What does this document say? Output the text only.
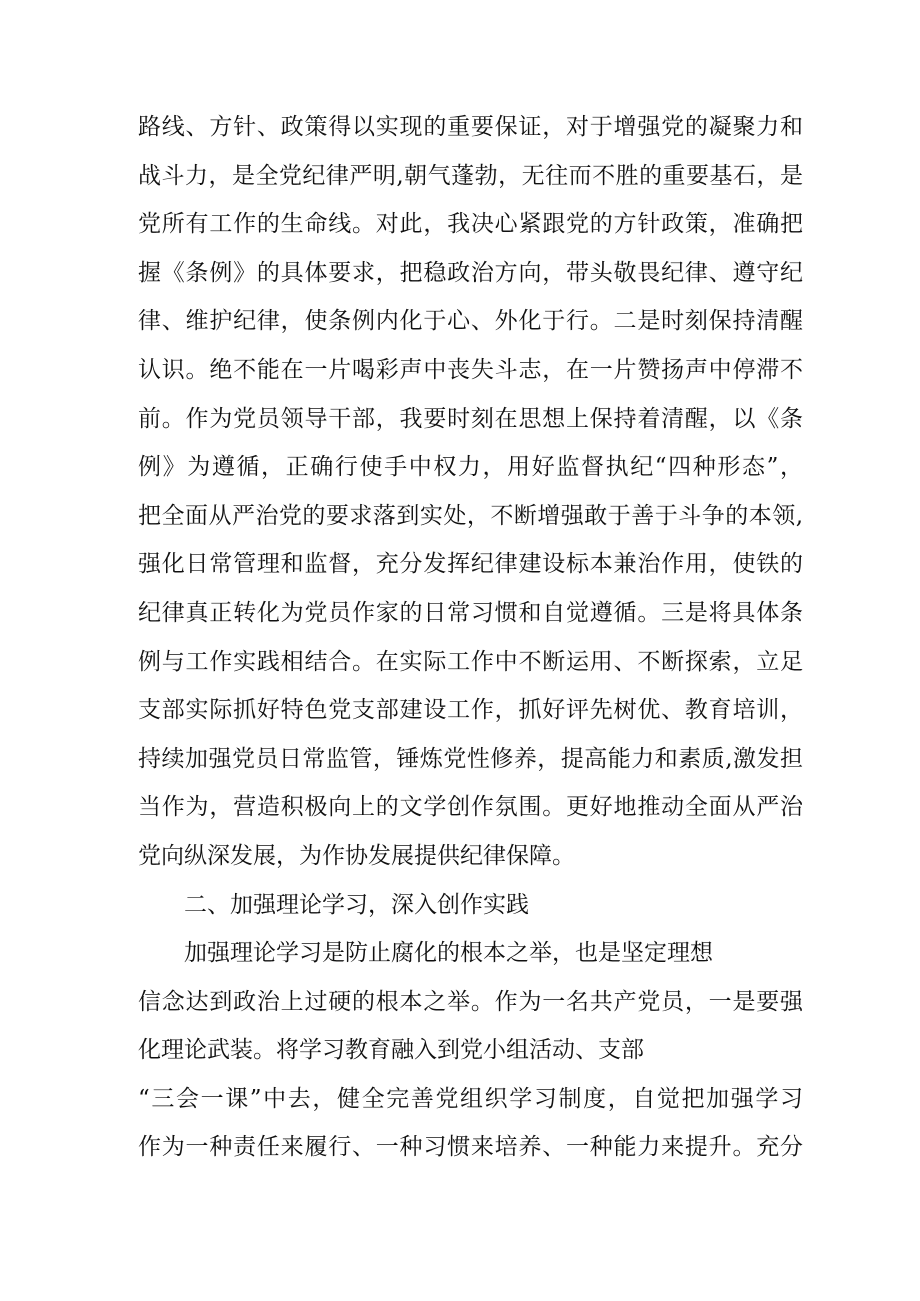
路线、方针、政策得以实现的重要保证，对于增强党的凝聚力和
战斗力，是全党纪律严明,朝气蓬勃，无往而不胜的重要基石，是
党所有工作的生命线。对此，我决心紧跟党的方针政策，准确把
握《条例》的具体要求，把稳政治方向，带头敬畏纪律、遵守纪
律、维护纪律，使条例内化于心、外化于行。二是时刻保持清醒
认识。绝不能在一片喝彩声中丧失斗志，在一片赞扬声中停滞不
前。作为党员领导干部，我要时刻在思想上保持着清醒，以《条
例》为遵循，正确行使手中权力，用好监督执纪“四种形态”，
把全面从严治党的要求落到实处，不断增强敢于善于斗争的本领,
强化日常管理和监督，充分发挥纪律建设标本兼治作用，使铁的
纪律真正转化为党员作家的日常习惯和自觉遵循。三是将具体条
例与工作实践相结合。在实际工作中不断运用、不断探索，立足
支部实际抓好特色党支部建设工作，抓好评先树优、教育培训，
持续加强党员日常监管，锤炼党性修养，提高能力和素质,激发担
当作为，营造积极向上的文学创作氛围。更好地推动全面从严治
党向纵深发展，为作协发展提供纪律保障。
二、加强理论学习，深入创作实践
加强理论学习是防止腐化的根本之举，也是坚定理想
信念达到政治上过硬的根本之举。作为一名共产党员，一是要强
化理论武装。将学习教育融入到党小组活动、支部
“三会一课”中去，健全完善党组织学习制度，自觉把加强学习
作为一种责任来履行、一种习惯来培养、一种能力来提升。充分
